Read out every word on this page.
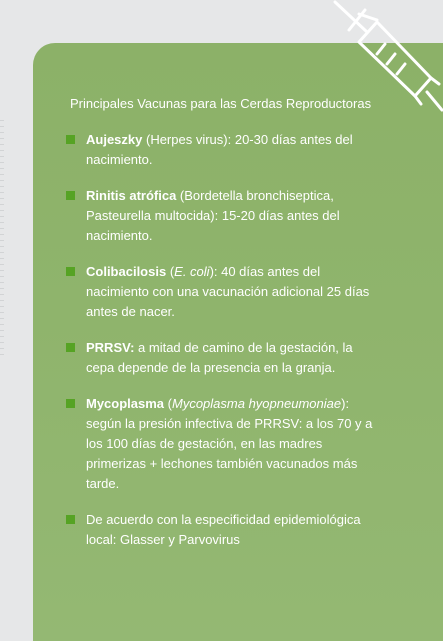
Principales Vacunas para las Cerdas Reproductoras
Aujeszky (Herpes virus): 20-30 días antes del nacimiento.
Rinitis atrófica (Bordetella bronchiseptica, Pasteurella multocida): 15-20 días antes del nacimiento.
Colibacilosis (E. coli): 40 días antes del nacimiento con una vacunación adicional 25 días antes de nacer.
PRRSV: a mitad de camino de la gestación, la cepa depende de la presencia en la granja.
Mycoplasma (Mycoplasma hyopneumoniae): según la presión infectiva de PRRSV: a los 70 y a los 100 días de gestación, en las madres primerizas + lechones también vacunados más tarde.
De acuerdo con la especificidad epidemiológica local: Glasser y Parvovirus
